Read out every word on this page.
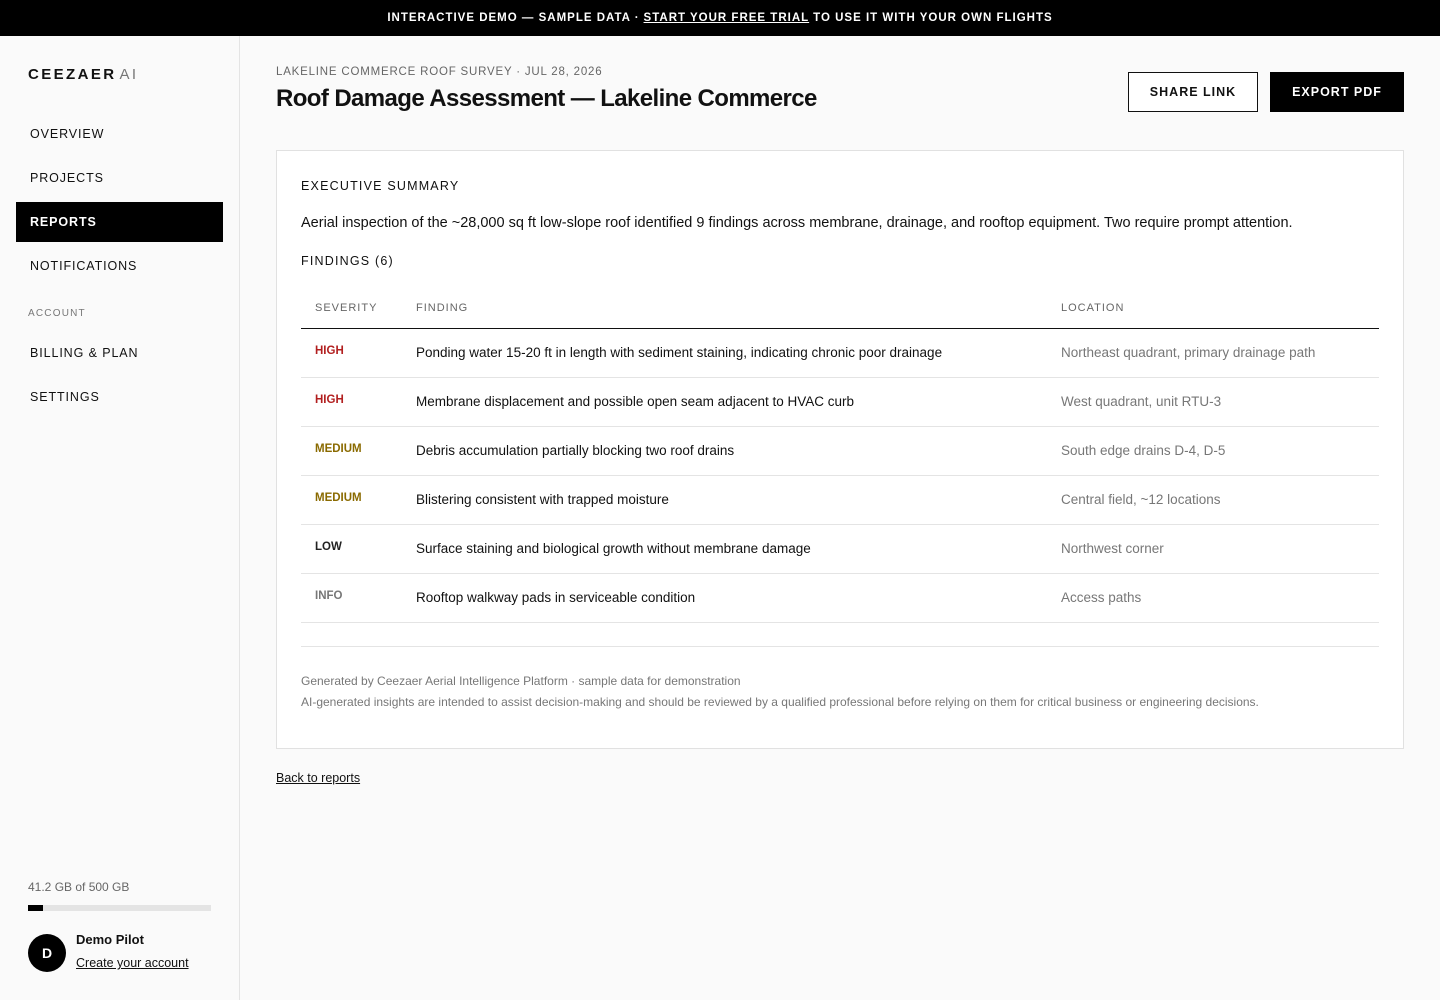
INTERACTIVE DEMO — SAMPLE DATA · START YOUR FREE TRIAL TO USE IT WITH YOUR OWN FLIGHTS
CEEZAER AI
OVERVIEW
PROJECTS
REPORTS
NOTIFICATIONS
ACCOUNT
BILLING & PLAN
SETTINGS
41.2 GB of 500 GB
D
Demo Pilot
Create your account
LAKELINE COMMERCE ROOF SURVEY · JUL 28, 2026
Roof Damage Assessment — Lakeline Commerce	SHARE LINK	EXPORT PDF
EXECUTIVE SUMMARY

Aerial inspection of the ~28,000 sq ft low-slope roof identified 9 findings across membrane, drainage, and rooftop equipment. Two require prompt attention.

FINDINGS (6)
SEVERITY	FINDING	LOCATION
HIGH	Ponding water 15-20 ft in length with sediment staining, indicating chronic poor drainage	Northeast quadrant, primary drainage path
HIGH	Membrane displacement and possible open seam adjacent to HVAC curb	West quadrant, unit RTU-3
MEDIUM	Debris accumulation partially blocking two roof drains	South edge drains D-4, D-5
MEDIUM	Blistering consistent with trapped moisture	Central field, ~12 locations
LOW	Surface staining and biological growth without membrane damage	Northwest corner
INFO	Rooftop walkway pads in serviceable condition	Access paths
Generated by Ceezaer Aerial Intelligence Platform · sample data for demonstration
AI-generated insights are intended to assist decision-making and should be reviewed by a qualified professional before relying on them for critical business or engineering decisions.
Back to reports
